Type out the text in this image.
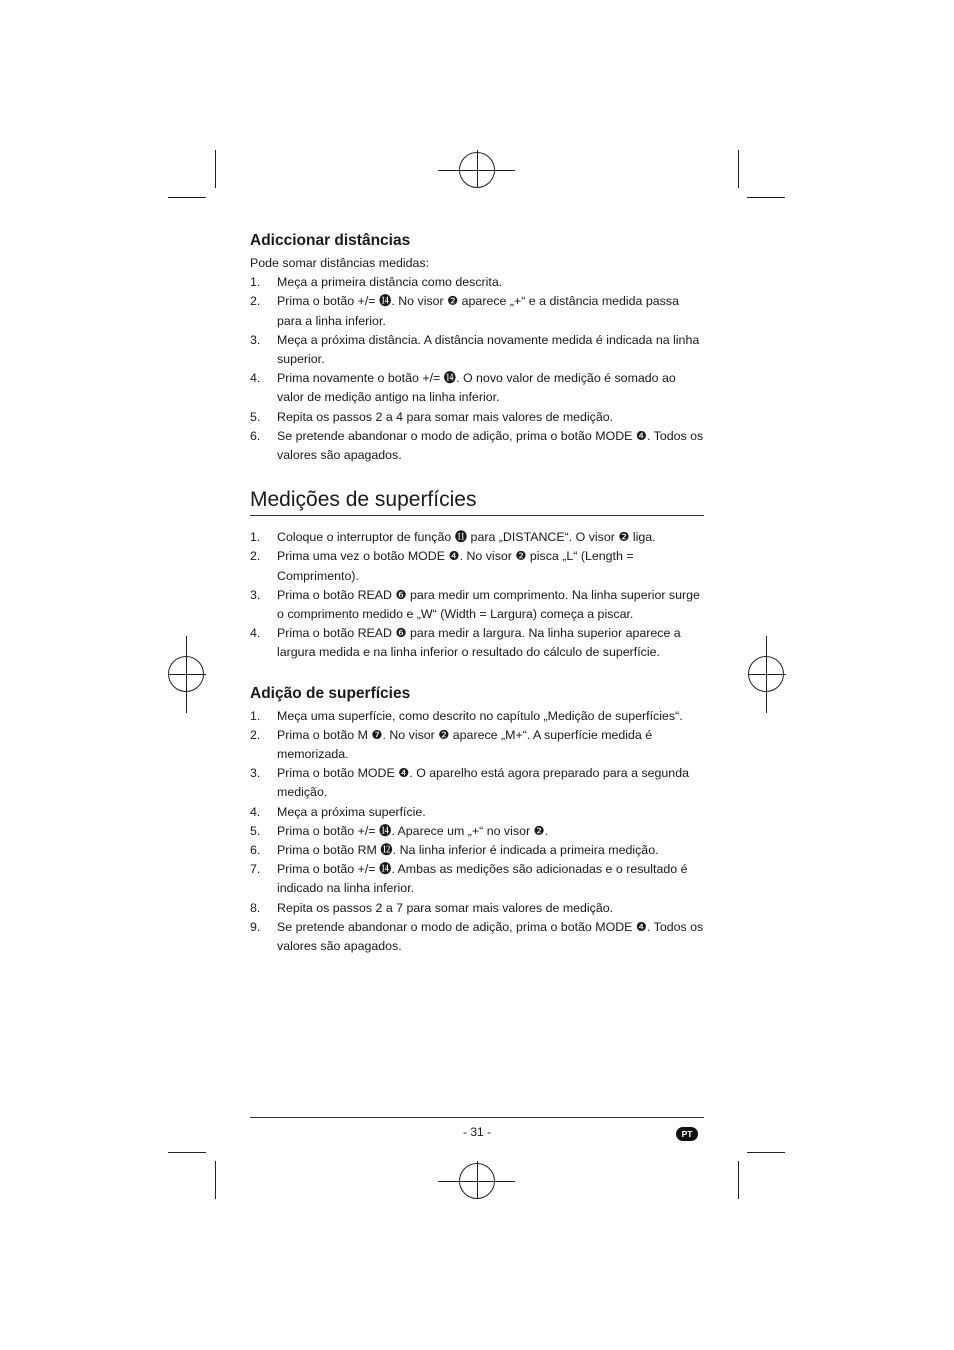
Adiccionar distâncias

Pode somar distâncias medidas:

1. Meça a primeira distância como descrita.
2. Prima o botão +/= ⓮. No visor ❷ aparece „+“ e a distância medida passa para a linha inferior.
3. Meça a próxima distância. A distância novamente medida é indicada na linha superior.
4. Prima novamente o botão +/= ⓮. O novo valor de medição é somado ao valor de medição antigo na linha inferior.
5. Repita os passos 2 a 4 para somar mais valores de medição.
6. Se pretende abandonar o modo de adição, prima o botão MODE ❹. Todos os valores são apagados.
Medições de superfícies
1. Coloque o interruptor de função ⓫ para „DISTANCE“. O visor ❷ liga.
2. Prima uma vez o botão MODE ❹. No visor ❷ pisca „L“ (Length = Comprimento).
3. Prima o botão READ ❻ para medir um comprimento. Na linha superior surge o comprimento medido e „W“ (Width = Largura) começa a piscar.
4. Prima o botão READ ❻ para medir a largura. Na linha superior aparece a largura medida e na linha inferior o resultado do cálculo de superfície.
Adição de superfícies
1. Meça uma superfície, como descrito no capítulo „Medição de superfícies“.
2. Prima o botão M ❼. No visor ❷ aparece „M+“. A superfície medida é memorizada.
3. Prima o botão MODE ❹. O aparelho está agora preparado para a segunda medição.
4. Meça a próxima superfície.
5. Prima o botão +/= ⓮. Aparece um „+“ no visor ❷.
6. Prima o botão RM ⓬. Na linha inferior é indicada a primeira medição.
7. Prima o botão +/= ⓮. Ambas as medições são adicionadas e o resultado é indicado na linha inferior.
8. Repita os passos 2 a 7 para somar mais valores de medição.
9. Se pretende abandonar o modo de adição, prima o botão MODE ❹. Todos os valores são apagados.
- 31 -	PT
